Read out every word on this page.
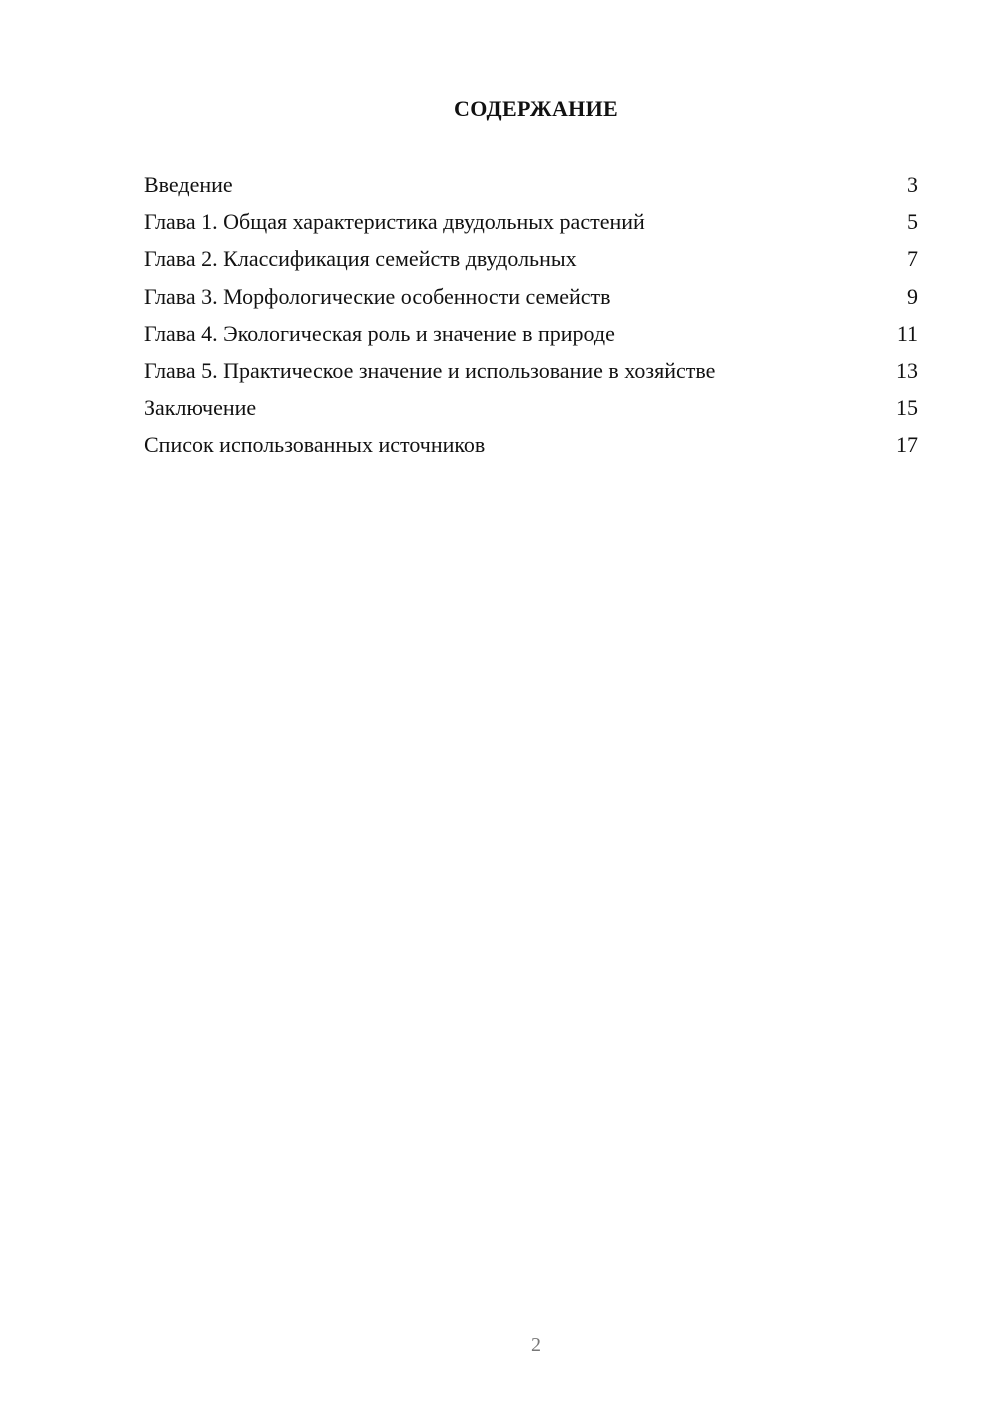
СОДЕРЖАНИЕ
Введение	3
Глава 1. Общая характеристика двудольных растений	5
Глава 2. Классификация семейств двудольных	7
Глава 3. Морфологические особенности семейств	9
Глава 4. Экологическая роль и значение в природе	11
Глава 5. Практическое значение и использование в хозяйстве	13
Заключение	15
Список использованных источников	17
2
